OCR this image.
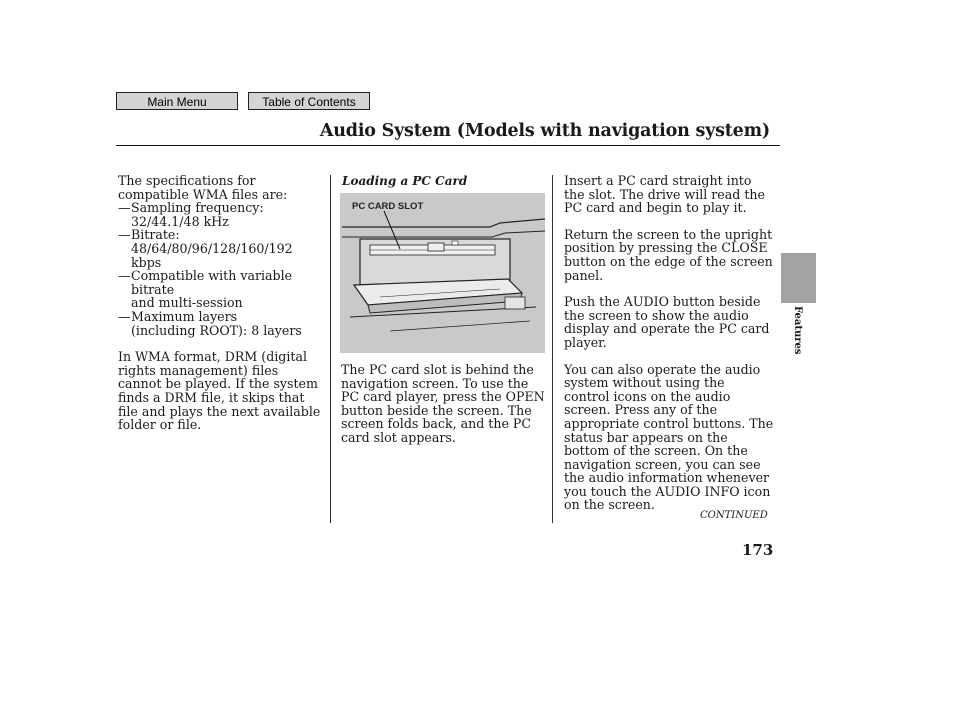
Main Menu	Table of Contents
Audio System (Models with navigation system)

The specifications for compatible WMA files are:

— Sampling frequency:
32/44.1/48 kHz
— Bitrate:
48/64/80/96/128/160/192 kbps
— Compatible with variable bitrate
and multi-session
— Maximum layers
(including ROOT): 8 layers

In WMA format, DRM (digital rights management) files cannot be played. If the system finds a DRM file, it skips that file and plays the next available folder or file.

Loading a PC Card
PC CARD SLOT

The PC card slot is behind the navigation screen. To use the PC card player, press the OPEN button beside the screen. The screen folds back, and the PC card slot appears.

Insert a PC card straight into the slot. The drive will read the PC card and begin to play it.

Return the screen to the upright position by pressing the CLOSE button on the edge of the screen panel.

Push the AUDIO button beside the screen to show the audio display and operate the PC card player.

You can also operate the audio system without using the control icons on the audio screen. Press any of the appropriate control buttons. The status bar appears on the bottom of the screen. On the navigation screen, you can see the audio information whenever you touch the AUDIO INFO icon on the screen.

CONTINUED
Features
173
